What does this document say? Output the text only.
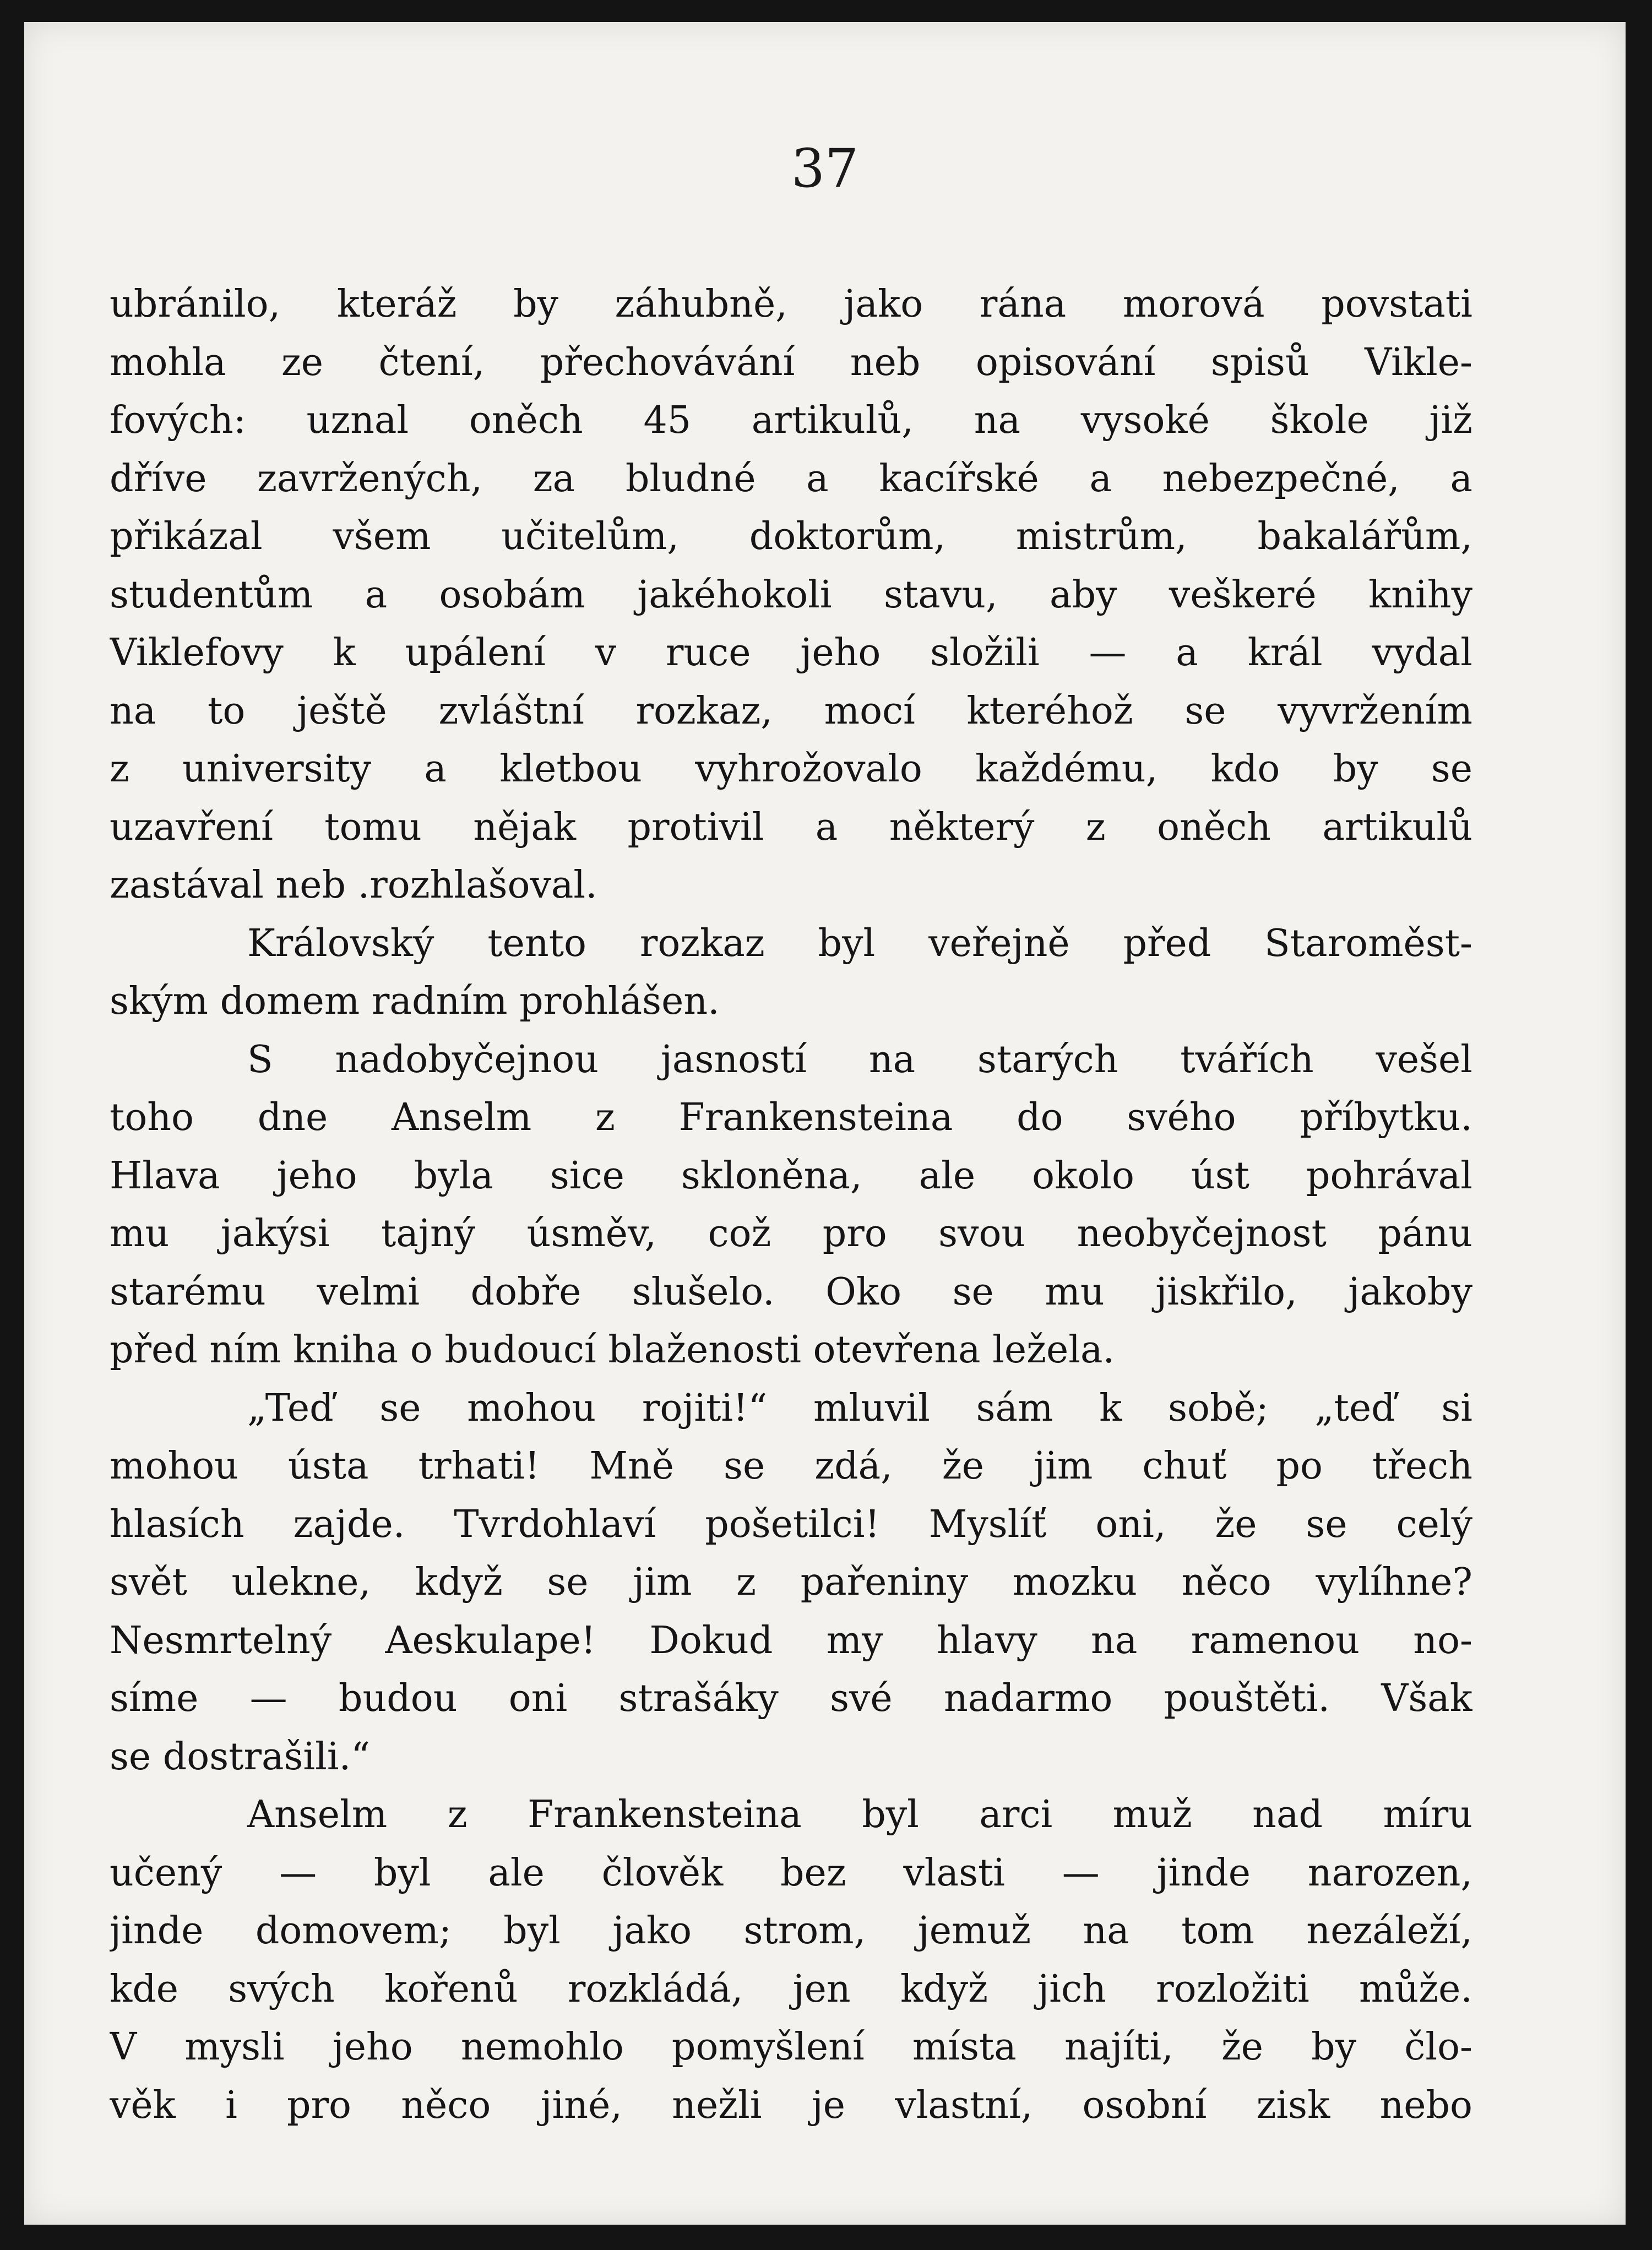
37

ubránilo, kteráž by záhubně, jako rána morová povstati
mohla ze čtení, přechovávání neb opisování spisů Vikle-
fových: uznal oněch 45 artikulů, na vysoké škole již
dříve zavržených, za bludné a kacířské a nebezpečné, a
přikázal všem učitelům, doktorům, mistrům, bakalářům,
studentům a osobám jakéhokoli stavu, aby veškeré knihy
Viklefovy k upálení v ruce jeho složili — a král vydal
na to ještě zvláštní rozkaz, mocí kteréhož se vyvržením
z university a kletbou vyhrožovalo každému, kdo by se
uzavření tomu nějak protivil a některý z oněch artikulů
zastával neb .rozhlašoval.
Královský tento rozkaz byl veřejně před Staroměst-
ským domem radním prohlášen.
S nadobyčejnou jasností na starých tvářích vešel
toho dne Anselm z Frankensteina do svého příbytku.
Hlava jeho byla sice skloněna, ale okolo úst pohrával
mu jakýsi tajný úsměv, což pro svou neobyčejnost pánu
starému velmi dobře slušelo. Oko se mu jiskřilo, jakoby
před ním kniha o budoucí blaženosti otevřena ležela.
„Teď se mohou rojiti!“ mluvil sám k sobě; „teď si
mohou ústa trhati! Mně se zdá, že jim chuť po třech
hlasích zajde. Tvrdohlaví pošetilci! Myslíť oni, že se celý
svět ulekne, když se jim z pařeniny mozku něco vylíhne?
Nesmrtelný Aeskulape! Dokud my hlavy na ramenou no-
síme — budou oni strašáky své nadarmo pouštěti. Však
se dostrašili.“
Anselm z Frankensteina byl arci muž nad míru
učený — byl ale člověk bez vlasti — jinde narozen,
jinde domovem; byl jako strom, jemuž na tom nezáleží,
kde svých kořenů rozkládá, jen když jich rozložiti může.
V mysli jeho nemohlo pomyšlení místa najíti, že by člo-
věk i pro něco jiné, nežli je vlastní, osobní zisk nebo
